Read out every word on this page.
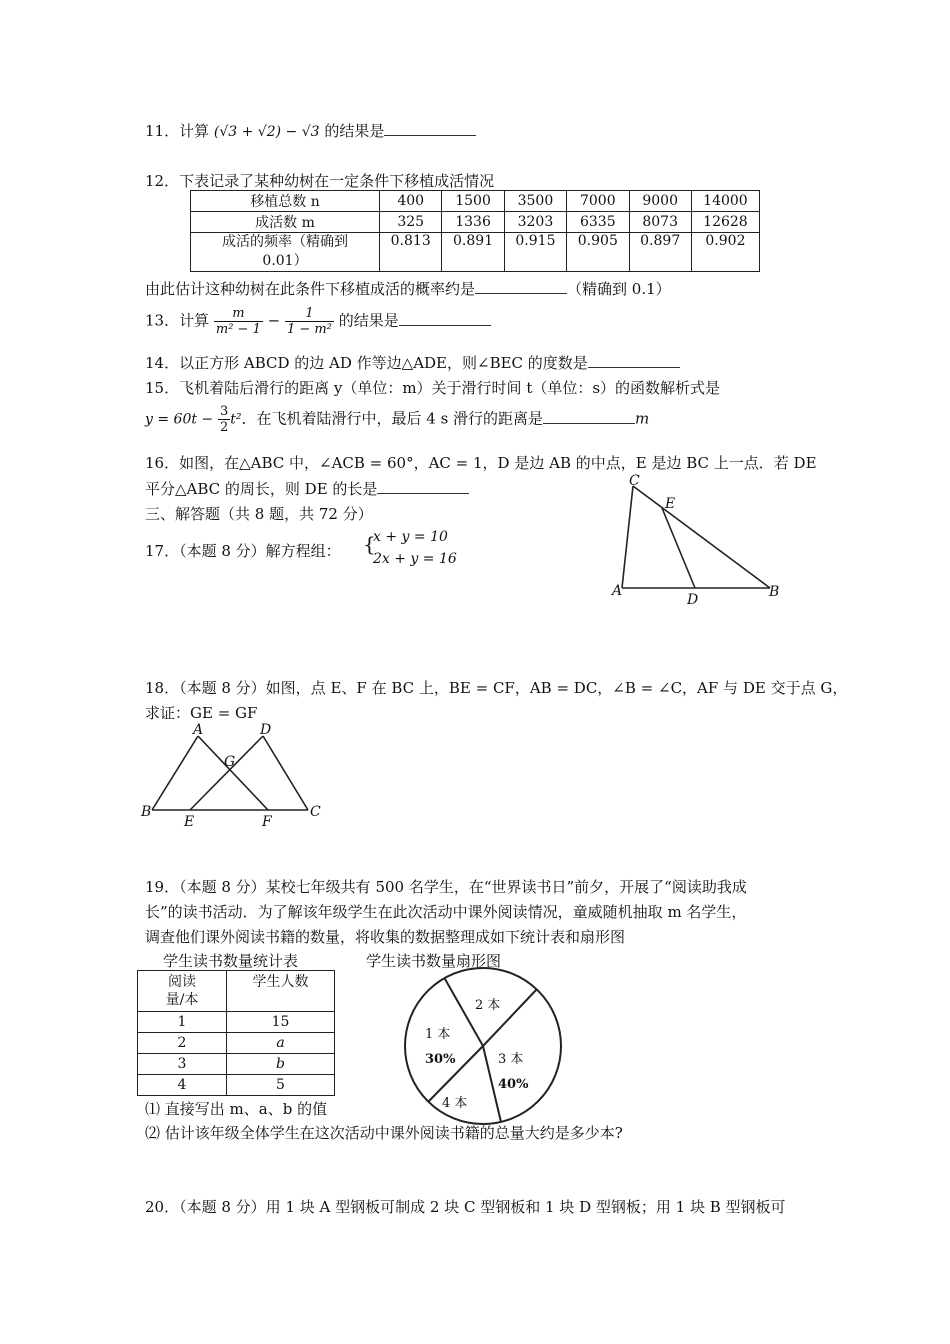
11．计算 (√3 + √2) − √3 的结果是
12．下表记录了某种幼树在一定条件下移植成活情况
移植总数 n	400	1500	3500	7000	9000	14000
成活数 m	325	1336	3203	6335	8073	12628
成活的频率（精确到
0.01）	0.813	0.891	0.915	0.905	0.897	0.902
由此估计这种幼树在此条件下移植成活的概率约是	（精确到 0.1）
13．计算 $\frac{m}{\text{m² − 1}} - \frac{1}{\text{1 − m²}}$ 的结果是
14．以正方形 ABCD 的边 AD 作等边△ADE，则∠BEC 的度数是
15．飞机着陆后滑行的距离 y（单位：m）关于滑行时间 t（单位：s）的函数解析式是
$y = 60t - \frac{3}{2} t^2$．在飞机着陆滑行中，最后 4 s 滑行的距离是	m
16．如图，在△ABC 中，∠ACB = 60°，AC = 1，D 是边 AB 的中点，E 是边 BC 上一点．若 DE
平分△ABC 的周长，则 DE 的长是	C
E
A
D	B
三、解答题（共 8 题，共 72 分）
17．（本题 8 分）解方程组： {
x + y = 10
2x + y = 16
18．（本题 8 分）如图，点 E、F 在 BC 上，BE = CF，AB = DC，∠B = ∠C，AF 与 DE 交于点 G，
求证：GE = GF
A	D
G
B
E	F
C
19．（本题 8 分）某校七年级共有 500 名学生，在“世界读书日”前夕，开展了“阅读助我成
长”的读书活动．为了解该年级学生在此次活动中课外阅读情况，童威随机抽取 m 名学生，
调查他们课外阅读书籍的数量，将收集的数据整理成如下统计表和扇形图
学生读书数量统计表	学生读书数量扇形图
阅读
量/本	学生人数
1	15
2	a
3	b
4	5
1 本
30%
2 本
3 本
40%
4 本
⑴ 直接写出 m、a、b 的值
⑵ 估计该年级全体学生在这次活动中课外阅读书籍的总量大约是多少本?
20．（本题 8 分）用 1 块 A 型钢板可制成 2 块 C 型钢板和 1 块 D 型钢板；用 1 块 B 型钢板可
